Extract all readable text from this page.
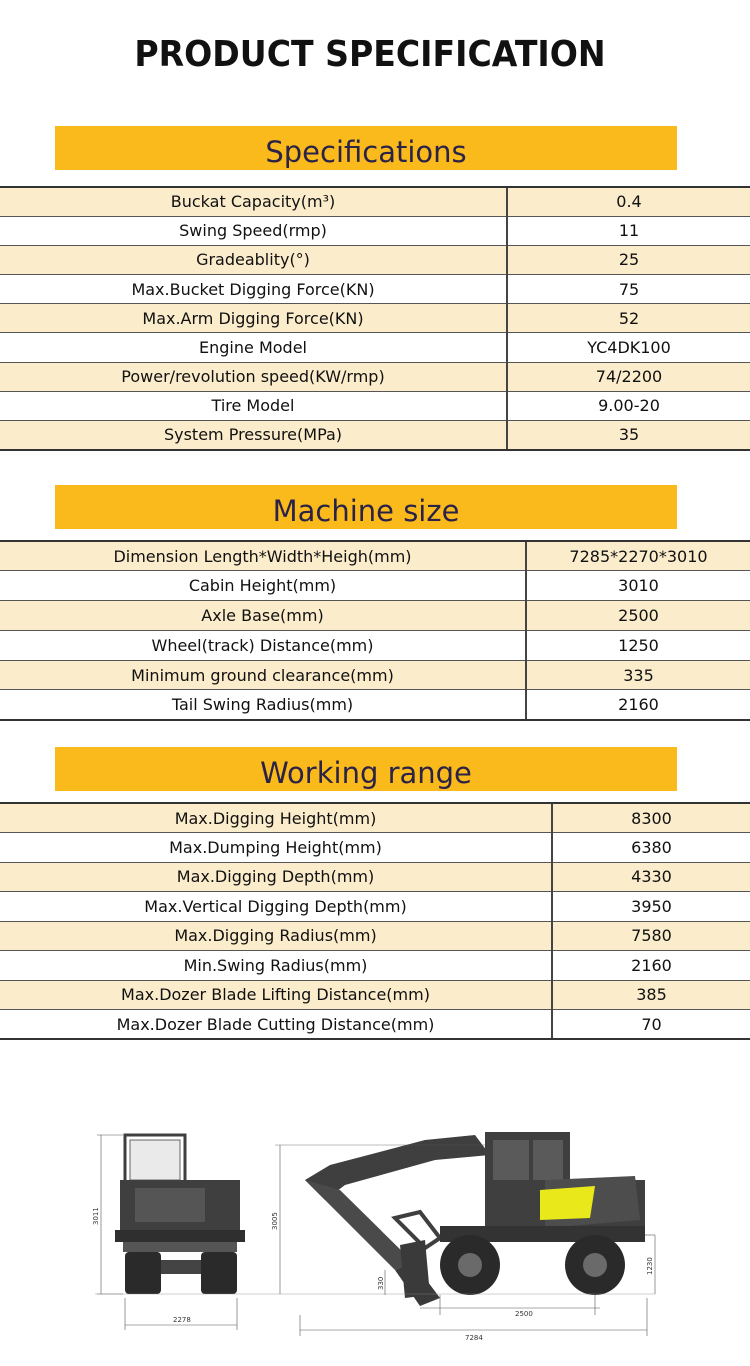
PRODUCT SPECIFICATION
Specifications
Buckat Capacity(m³)	0.4
Swing Speed(rmp)	11
Gradeablity(°)	25
Max.Bucket Digging Force(KN)	75
Max.Arm Digging Force(KN)	52
Engine Model	YC4DK100
Power/revolution speed(KW/rmp)	74/2200
Tire Model	9.00-20
System Pressure(MPa)	35
Machine size
Dimension Length*Width*Heigh(mm)	7285*2270*3010
Cabin Height(mm)	3010
Axle Base(mm)	2500
Wheel(track) Distance(mm)	1250
Minimum ground clearance(mm)	335
Tail Swing Radius(mm)	2160
Working range
Max.Digging Height(mm)	8300
Max.Dumping Height(mm)	6380
Max.Digging Depth(mm)	4330
Max.Vertical Digging Depth(mm)	3950
Max.Digging Radius(mm)	7580
Min.Swing Radius(mm)	2160
Max.Dozer Blade Lifting Distance(mm)	385
Max.Dozer Blade Cutting Distance(mm)	70
3011
2278
3005
330
1230
2500
7284
